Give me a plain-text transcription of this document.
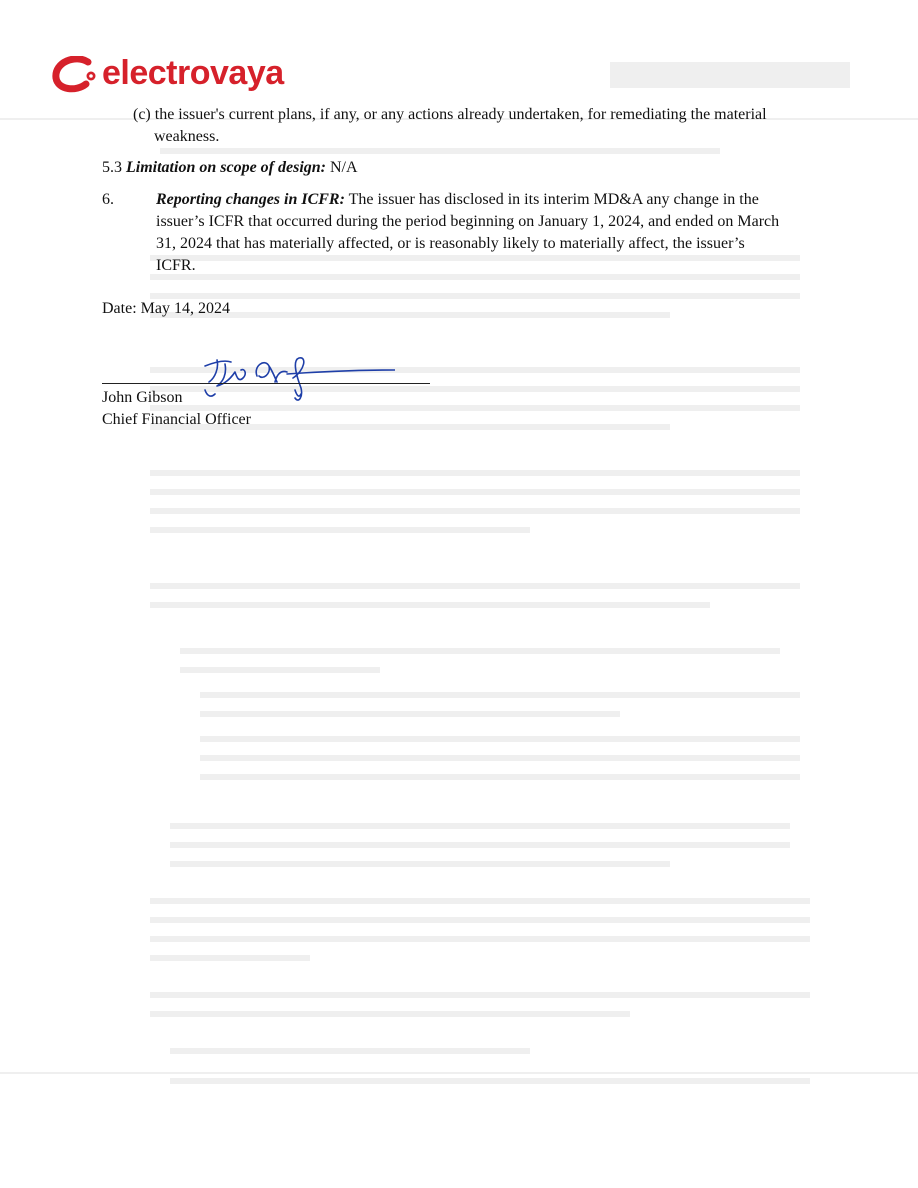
electrovaya
(c) the issuer's current plans, if any, or any actions already undertaken, for remediating the material
weakness.
5.3 Limitation on scope of design: N/A
6.	Reporting changes in ICFR: The issuer has disclosed in its interim MD&A any change in the
issuer’s ICFR that occurred during the period beginning on January 1, 2024, and ended on March
31, 2024 that has materially affected, or is reasonably likely to materially affect, the issuer’s
ICFR.
Date: May 14, 2024
John Gibson
Chief Financial Officer
